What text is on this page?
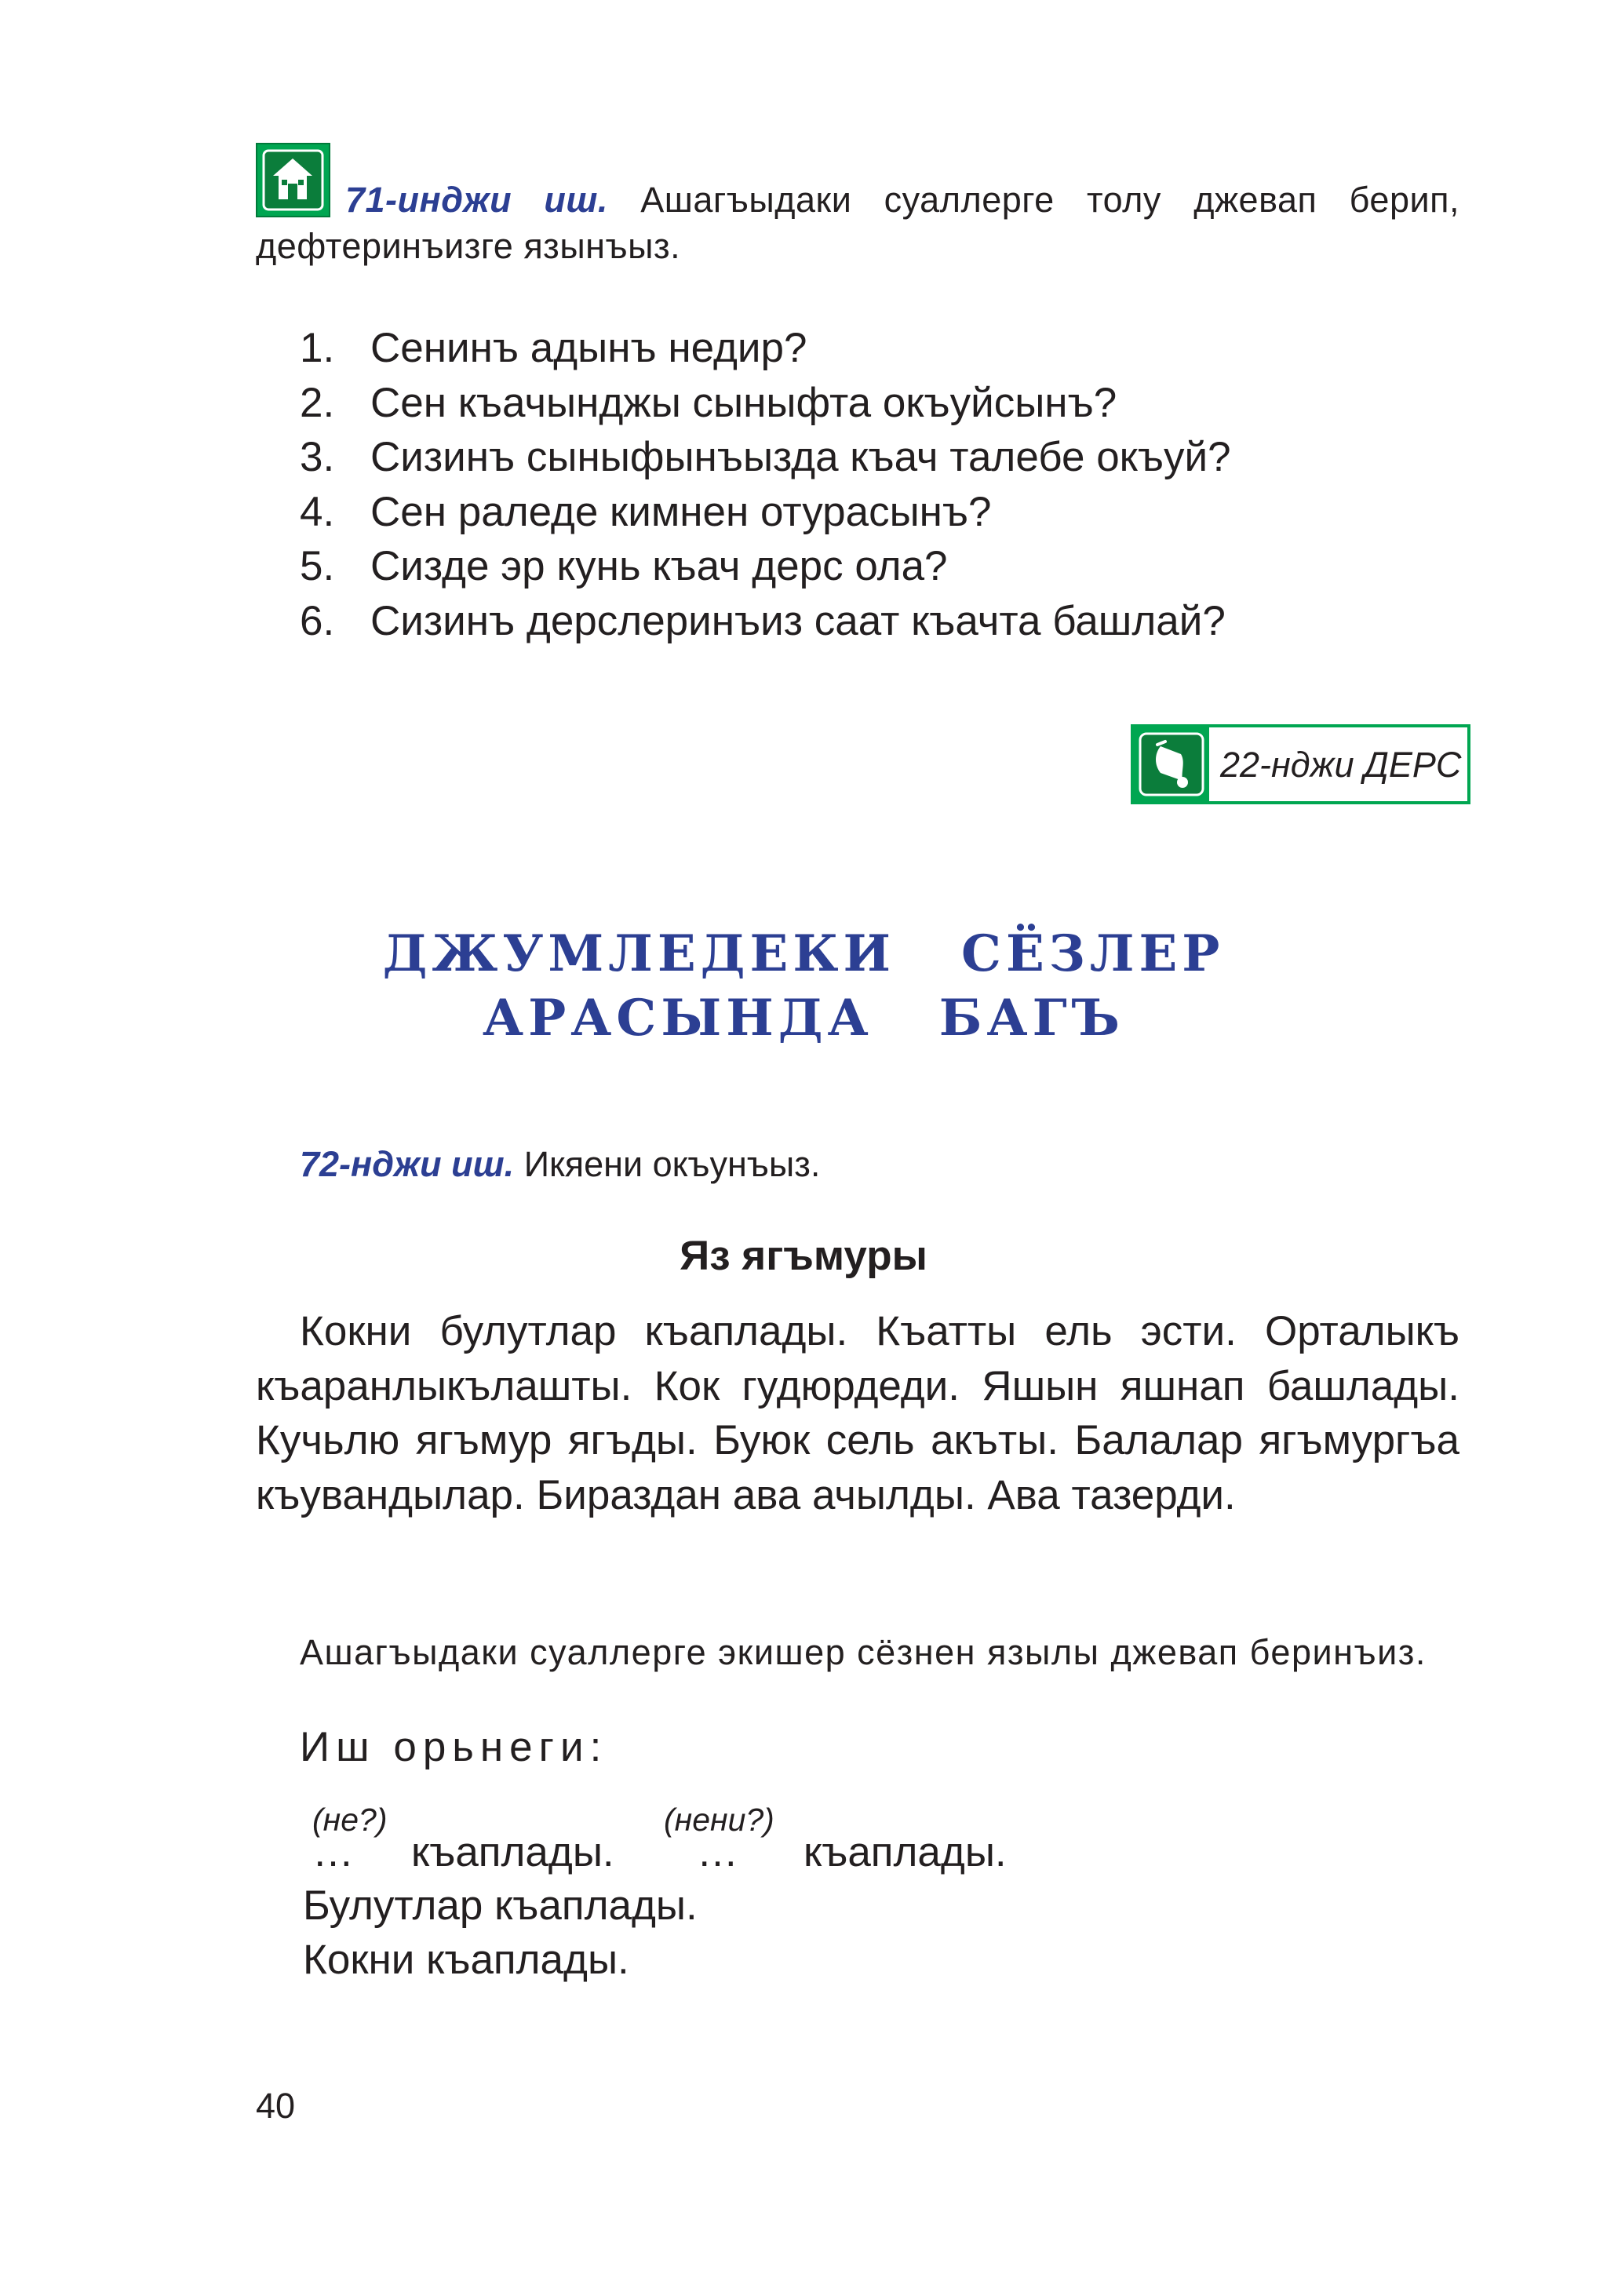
71-инджи иш. Ашагъыдаки суаллерге толу джевап берип, дефтеринъизге язынъыз.
1. Сенинъ адынъ недир?
2. Сен къачынджы сыныфта окъуйсынъ?
3. Сизинъ сыныфынъызда къач талебе окъуй?
4. Сен раледе кимнен отурасынъ?
5. Сизде эр кунь къач дерс ола?
6. Сизинъ дерслеринъиз саат къачта башлай?
22-нджи ДЕРС
ДЖУМЛЕДЕКИ СЁЗЛЕР
АРАСЫНДА БАГЪ
72-нджи иш. Икяени окъунъыз.
Яз ягъмуры
Кокни булутлар къаплады. Къатты ель эсти. Орталыкъ къаранлыкълашты. Кок гудюрдеди. Яшын яшнап башлады. Кучьлю ягъмур ягъды. Буюк сель акъты. Балалар ягъмургъа къувандылар. Бираздан ава ачылды. Ава тазерди.
Ашагъыдаки суаллерге экишер сёзнен язылы джевап беринъиз.
Иш орьнеги:
(не?)	(нени?)
… къаплады. … къаплады.
Булутлар къаплады.
Кокни къаплады.
40
